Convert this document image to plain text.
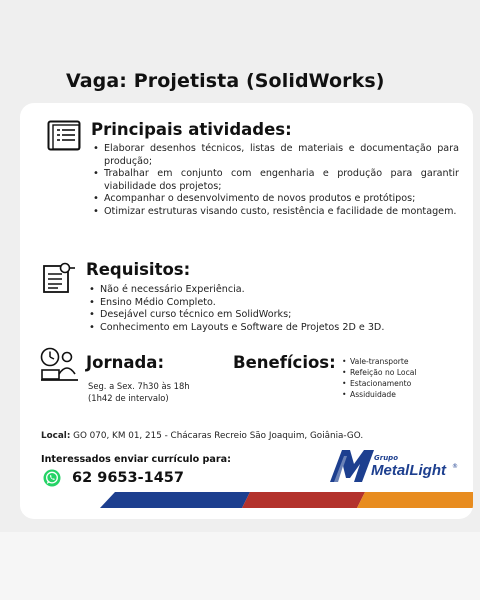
Vaga: Projetista (SolidWorks)
Principais atividades:
• Elaborar desenhos técnicos, listas de materiais e documentação para produção;
• Trabalhar em conjunto com engenharia e produção para garantir viabilidade dos projetos;
• Acompanhar o desenvolvimento de novos produtos e protótipos;
• Otimizar estruturas visando custo, resistência e facilidade de montagem.
Requisitos:
• Não é necessário Experiência.
• Ensino Médio Completo.
• Desejável curso técnico em SolidWorks;
• Conhecimento em Layouts e Software de Projetos 2D e 3D.
Jornada:
Seg. a Sex. 7h30 às 18h
(1h42 de intervalo)
Benefícios:
•	Vale-transporte
• Refeição no Local
• Estacionamento
• Assiduidade
Local: GO 070, KM 01, 215 - Chácaras Recreio São Joaquim, Goiânia-GO.
Interessados enviar currículo para:
62 9653-1457
Grupo
MetalLight ®
